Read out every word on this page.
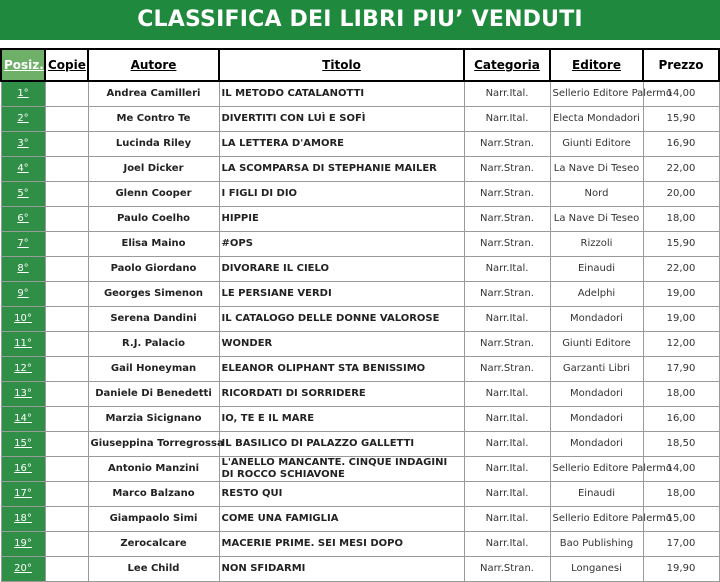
CLASSIFICA DEI LIBRI PIU’ VENDUTI
Posiz.	Copie	Autore	Titolo	Categoria	Editore	Prezzo
1°		Andrea Camilleri	IL METODO CATALANOTTI	Narr.Ital.	Sellerio Editore Palermo	14,00
2°		Me Contro Te	DIVERTITI CON LUÌ E SOFÌ	Narr.Ital.	Electa Mondadori	15,90
3°		Lucinda Riley	LA LETTERA D'AMORE	Narr.Stran.	Giunti Editore	16,90
4°		Joel Dicker	LA SCOMPARSA DI STEPHANIE MAILER	Narr.Stran.	La Nave Di Teseo	22,00
5°		Glenn Cooper	I FIGLI DI DIO	Narr.Stran.	Nord	20,00
6°		Paulo Coelho	HIPPIE	Narr.Stran.	La Nave Di Teseo	18,00
7°		Elisa Maino	#OPS	Narr.Stran.	Rizzoli	15,90
8°		Paolo Giordano	DIVORARE IL CIELO	Narr.Ital.	Einaudi	22,00
9°		Georges Simenon	LE PERSIANE VERDI	Narr.Stran.	Adelphi	19,00
10°		Serena Dandini	IL CATALOGO DELLE DONNE VALOROSE	Narr.Ital.	Mondadori	19,00
11°		R.J. Palacio	WONDER	Narr.Stran.	Giunti Editore	12,00
12°		Gail Honeyman	ELEANOR OLIPHANT STA BENISSIMO	Narr.Stran.	Garzanti Libri	17,90
13°		Daniele Di Benedetti	RICORDATI DI SORRIDERE	Narr.Ital.	Mondadori	18,00
14°		Marzia Sicignano	IO, TE E IL MARE	Narr.Ital.	Mondadori	16,00
15°		Giuseppina Torregrossa	IL BASILICO DI PALAZZO GALLETTI	Narr.Ital.	Mondadori	18,50
16°		Antonio Manzini	L'ANELLO MANCANTE. CINQUE INDAGINI DI ROCCO SCHIAVONE	Narr.Ital.	Sellerio Editore Palermo	14,00
17°		Marco Balzano	RESTO QUI	Narr.Ital.	Einaudi	18,00
18°		Giampaolo Simi	COME UNA FAMIGLIA	Narr.Ital.	Sellerio Editore Palermo	15,00
19°		Zerocalcare	MACERIE PRIME. SEI MESI DOPO	Narr.Ital.	Bao Publishing	17,00
20°		Lee Child	NON SFIDARMI	Narr.Stran.	Longanesi	19,90
